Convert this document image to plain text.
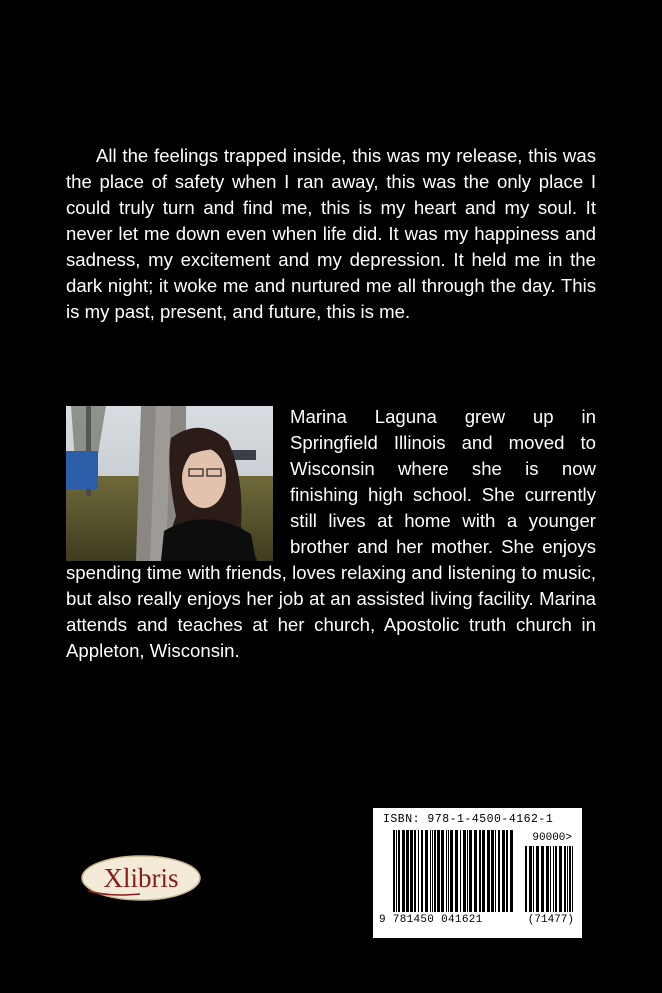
All the feelings trapped inside, this was my release, this was the place of safety when I ran away, this was the only place I could truly turn and find me, this is my heart and my soul. It never let me down even when life did. It was my happiness and sadness, my excitement and my depression. It held me in the dark night; it woke me and nurtured me all through the day. This is my past, present, and future, this is me.

Marina Laguna grew up in Springfield Illinois and moved to Wisconsin where she is now finishing high school. She currently still lives at home with a younger brother and her mother. She enjoys spending time with friends, loves relaxing and listening to music, but also really enjoys her job at an assisted living facility. Marina attends and teaches at her church, Apostolic truth church in Appleton, Wisconsin.
ISBN: 978-1-4500-4162-1
90000>
9 781450 041621	(71477)
Xlibris
